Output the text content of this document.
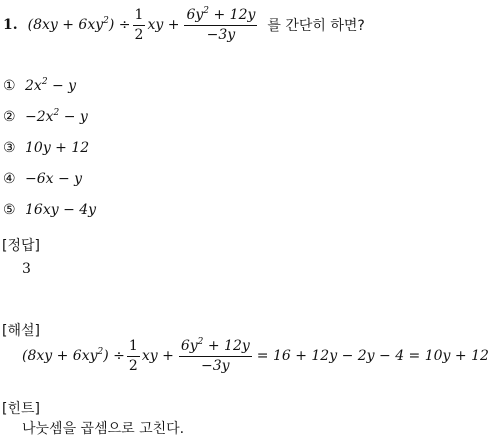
1. $(8xy + 6xy^2) \div \frac{1}{2}$ xy + $\frac{6y^2 + 12y}{-3y}$ 를 간단히 하면?
① $2x^2 - y$
② $-2x^2 - y$
③ 10y + 12
④ −6x − y
⑤ 16xy − 4y
[정답]
3
[해설]
$(8xy + 6xy^2) \div \frac{1}{2}$ xy + $\frac{6y^2 + 12y}{-3y} = 16 + 12y - 2y - 4 = 10y + 12$
[힌트]
나눗셈을 곱셈으로 고친다.
